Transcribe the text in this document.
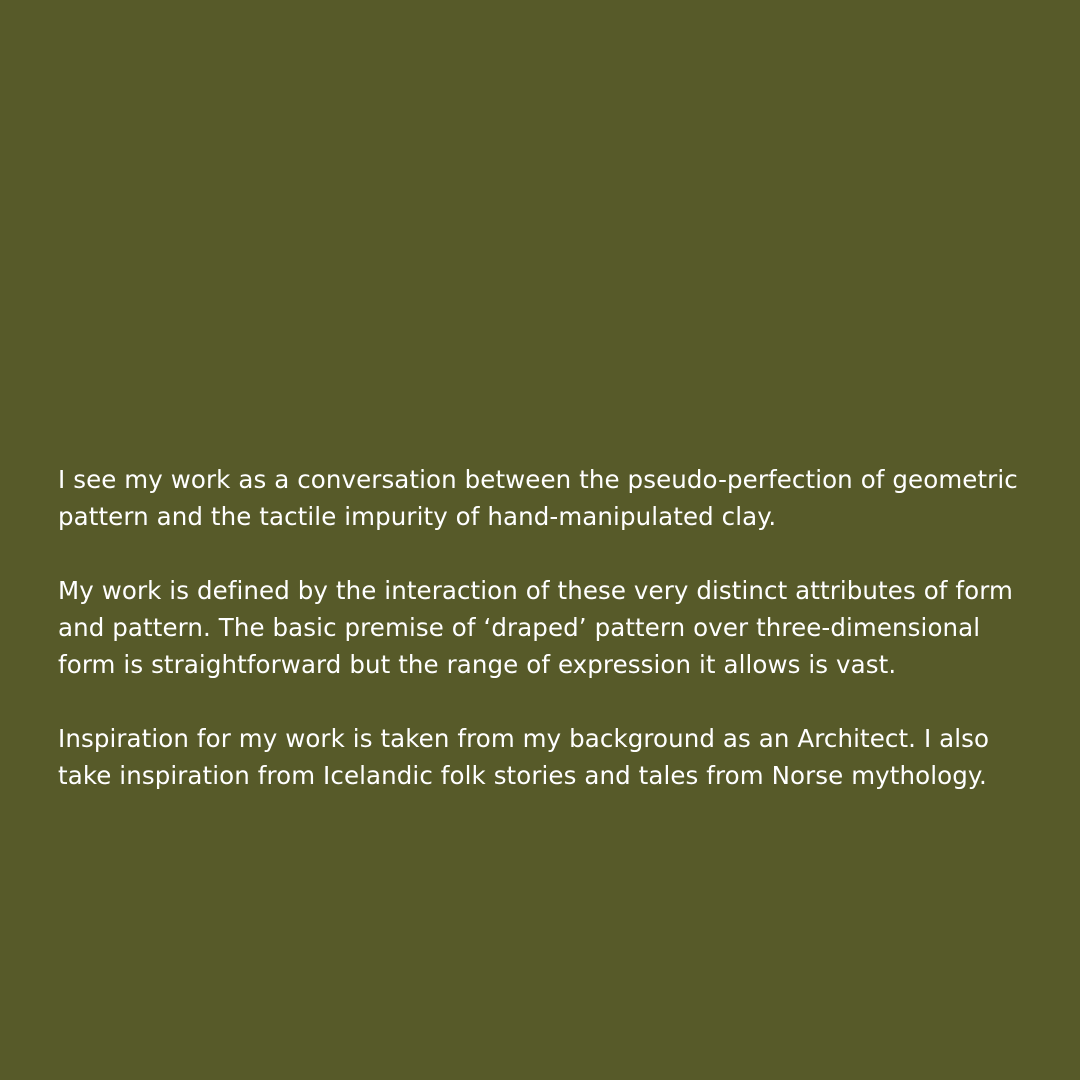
I see my work as a conversation between the pseudo-perfection of geometric pattern and the tactile impurity of hand-manipulated clay.

My work is defined by the interaction of these very distinct attributes of form and pattern. The basic premise of ‘draped’ pattern over three-dimensional form is straightforward but the range of expression it allows is vast.

Inspiration for my work is taken from my background as an Architect. I also take inspiration from Icelandic folk stories and tales from Norse mythology.
